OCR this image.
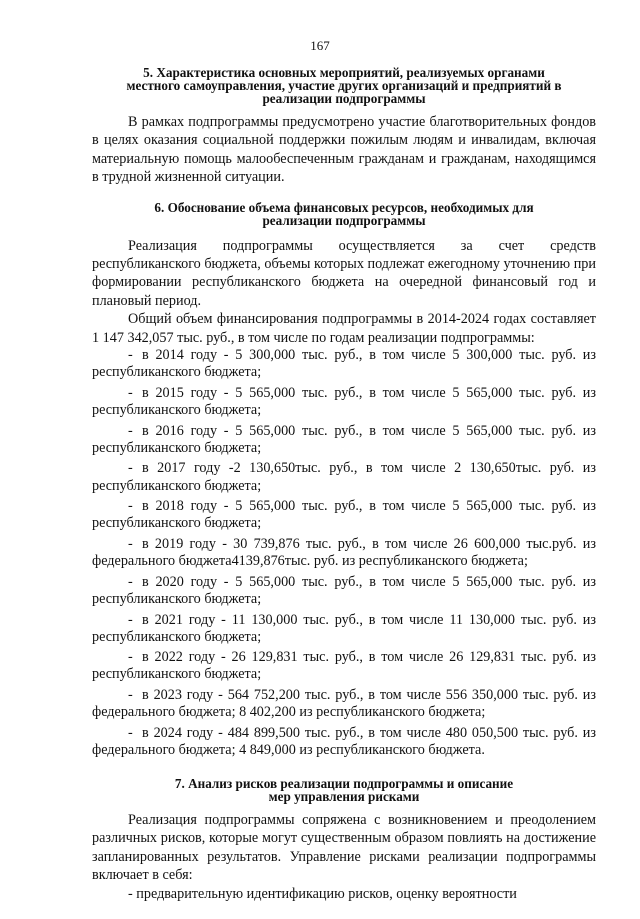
167
5. Характеристика основных мероприятий, реализуемых органами
местного самоуправления, участие других организаций и предприятий в
реализации подпрограммы

В рамках подпрограммы предусмотрено участие благотворительных фондов в целях оказания социальной поддержки пожилым людям и инвалидам, включая материальную помощь малообеспеченным гражданам и гражданам, находящимся в трудной жизненной ситуации.

6. Обоснование объема финансовых ресурсов, необходимых для
реализации подпрограммы

Реализация подпрограммы осуществляется за счет средств республиканского бюджета, объемы которых подлежат ежегодному уточнению при формировании республиканского бюджета на очередной финансовый год и плановый период.

Общий объем финансирования подпрограммы в 2014-2024 годах составляет 1 147 342,057 тыс. руб., в том числе по годам реализации подпрограммы:

- в 2014 году - 5 300,000 тыс. руб., в том числе 5 300,000 тыс. руб. из республиканского бюджета;
- в 2015 году - 5 565,000 тыс. руб., в том числе 5 565,000 тыс. руб. из республиканского бюджета;
- в 2016 году - 5 565,000 тыс. руб., в том числе 5 565,000 тыс. руб. из республиканского бюджета;
- в 2017 году -2 130,650тыс. руб., в том числе 2 130,650тыс. руб. из республиканского бюджета;
- в 2018 году - 5 565,000 тыс. руб., в том числе 5 565,000 тыс. руб. из республиканского бюджета;
- в 2019 году - 30 739,876 тыс. руб., в том числе 26 600,000 тыс.руб. из федерального бюджета4139,876тыс. руб. из республиканского бюджета;
- в 2020 году - 5 565,000 тыс. руб., в том числе 5 565,000 тыс. руб. из республиканского бюджета;
- в 2021 году - 11 130,000 тыс. руб., в том числе 11 130,000 тыс. руб. из республиканского бюджета;
- в 2022 году - 26 129,831 тыс. руб., в том числе 26 129,831 тыс. руб. из республиканского бюджета;
- в 2023 году - 564 752,200 тыс. руб., в том числе 556 350,000 тыс. руб. из федерального бюджета; 8 402,200 из республиканского бюджета;
- в 2024 году - 484 899,500 тыс. руб., в том числе 480 050,500 тыс. руб. из федерального бюджета; 4 849,000 из республиканского бюджета.
7. Анализ рисков реализации подпрограммы и описание
мер управления рисками

Реализация подпрограммы сопряжена с возникновением и преодолением различных рисков, которые могут существенным образом повлиять на достижение запланированных результатов. Управление рисками реализации подпрограммы включает в себя:

- предварительную идентификацию рисков, оценку вероятности
